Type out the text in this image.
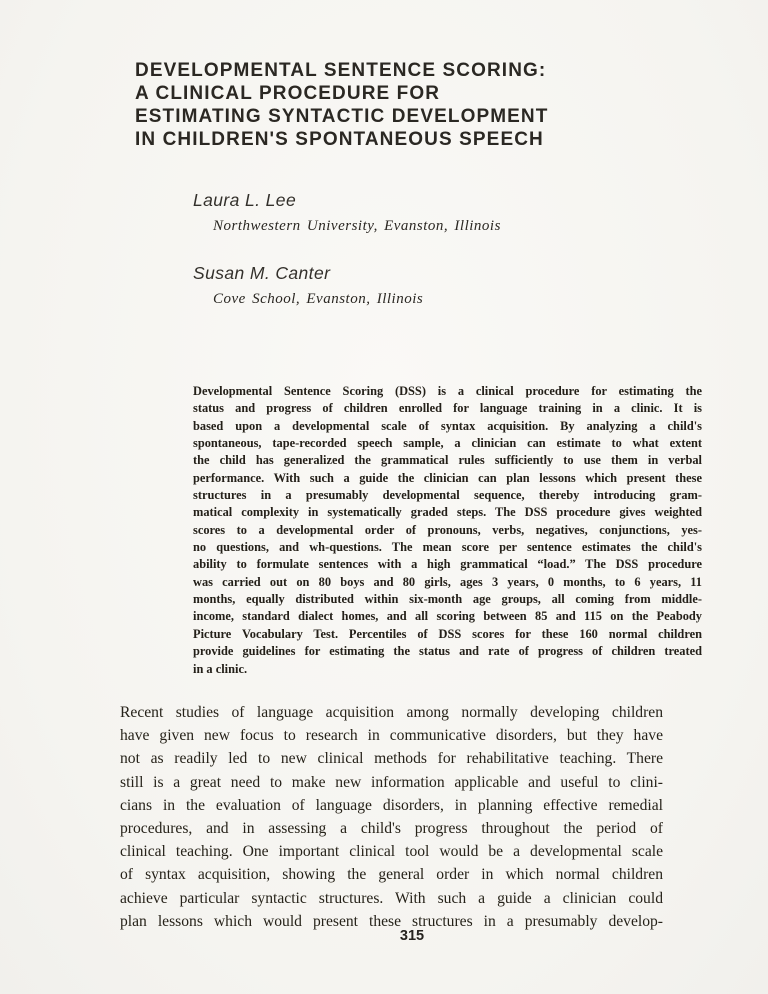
DEVELOPMENTAL SENTENCE SCORING:
A CLINICAL PROCEDURE FOR
ESTIMATING SYNTACTIC DEVELOPMENT
IN CHILDREN'S SPONTANEOUS SPEECH
Laura L. Lee
Northwestern University, Evanston, Illinois
Susan M. Canter
Cove School, Evanston, Illinois
Developmental Sentence Scoring (DSS) is a clinical procedure for estimating the
status and progress of children enrolled for language training in a clinic. It is
based upon a developmental scale of syntax acquisition. By analyzing a child's
spontaneous, tape-recorded speech sample, a clinician can estimate to what extent
the child has generalized the grammatical rules sufficiently to use them in verbal
performance. With such a guide the clinician can plan lessons which present these
structures in a presumably developmental sequence, thereby introducing gram-
matical complexity in systematically graded steps. The DSS procedure gives weighted
scores to a developmental order of pronouns, verbs, negatives, conjunctions, yes-
no questions, and wh-questions. The mean score per sentence estimates the child's
ability to formulate sentences with a high grammatical “load.” The DSS procedure
was carried out on 80 boys and 80 girls, ages 3 years, 0 months, to 6 years, 11
months, equally distributed within six-month age groups, all coming from middle-
income, standard dialect homes, and all scoring between 85 and 115 on the Peabody
Picture Vocabulary Test. Percentiles of DSS scores for these 160 normal children
provide guidelines for estimating the status and rate of progress of children treated
in a clinic.
Recent studies of language acquisition among normally developing children
have given new focus to research in communicative disorders, but they have
not as readily led to new clinical methods for rehabilitative teaching. There
still is a great need to make new information applicable and useful to clini-
cians in the evaluation of language disorders, in planning effective remedial
procedures, and in assessing a child's progress throughout the period of
clinical teaching. One important clinical tool would be a developmental scale
of syntax acquisition, showing the general order in which normal children
achieve particular syntactic structures. With such a guide a clinician could
plan lessons which would present these structures in a presumably develop-
315
